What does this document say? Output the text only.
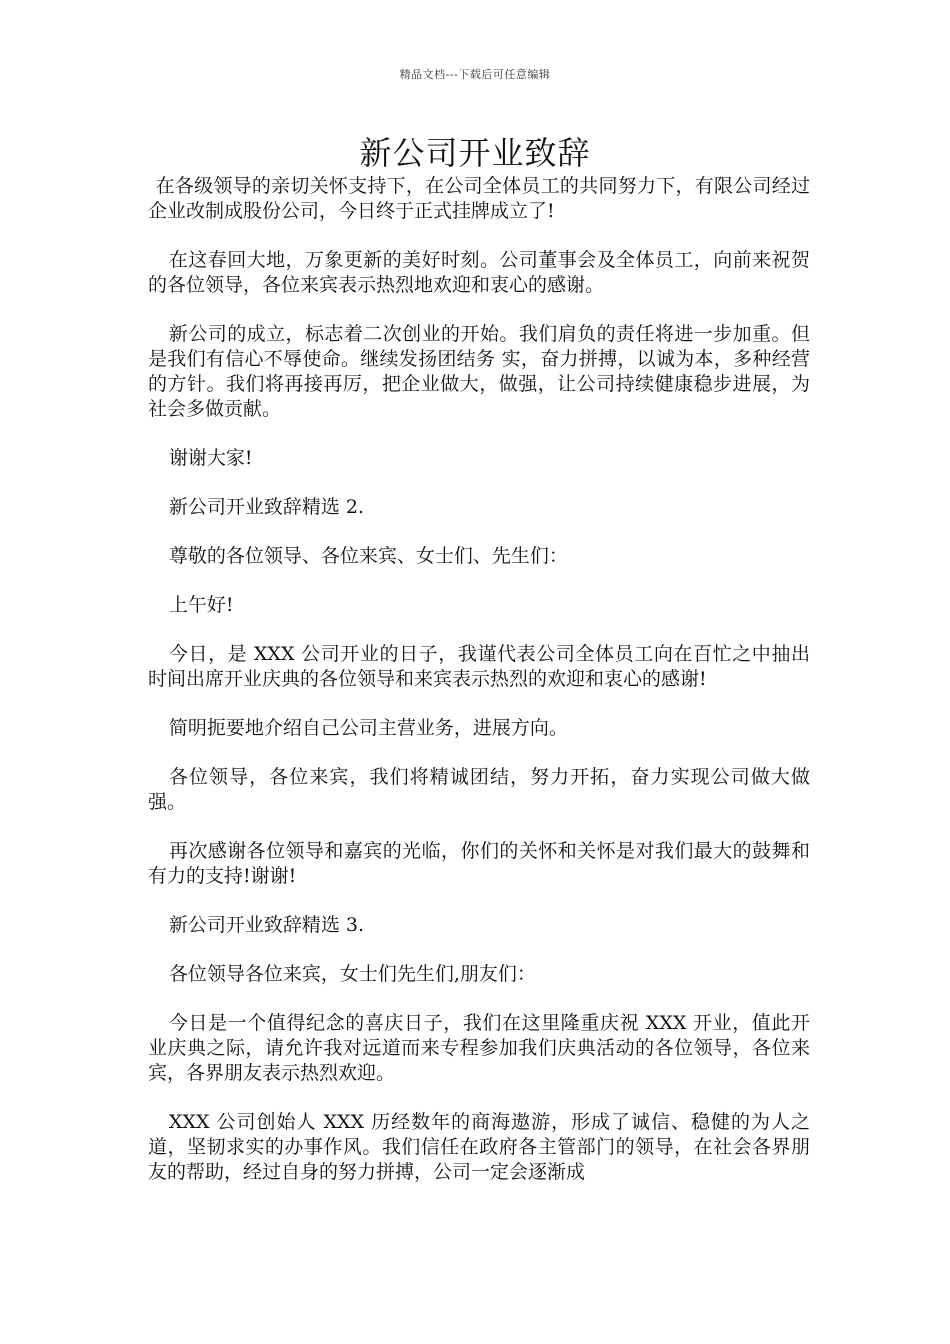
精品文档---下载后可任意编辑
新公司开业致辞

在各级领导的亲切关怀支持下，在公司全体员工的共同努力下，有限公司经过企业改制成股份公司，今日终于正式挂牌成立了!

在这春回大地，万象更新的美好时刻。公司董事会及全体员工，向前来祝贺的各位领导，各位来宾表示热烈地欢迎和衷心的感谢。

新公司的成立，标志着二次创业的开始。我们肩负的责任将进一步加重。但是我们有信心不辱使命。继续发扬团结务 实，奋力拼搏，以诚为本，多种经营的方针。我们将再接再厉，把企业做大，做强，让公司持续健康稳步进展，为社会多做贡献。

谢谢大家!

新公司开业致辞精选 2.

尊敬的各位领导、各位来宾、女士们、先生们：

上午好!

今日，是 XXX 公司开业的日子，我谨代表公司全体员工向在百忙之中抽出时间出席开业庆典的各位领导和来宾表示热烈的欢迎和衷心的感谢!

简明扼要地介绍自己公司主营业务，进展方向。

各位领导，各位来宾，我们将精诚团结，努力开拓，奋力实现公司做大做强。

再次感谢各位领导和嘉宾的光临，你们的关怀和关怀是对我们最大的鼓舞和有力的支持!谢谢!

新公司开业致辞精选 3.

各位领导各位来宾，女士们先生们,朋友们：

今日是一个值得纪念的喜庆日子，我们在这里隆重庆祝 XXX 开业，值此开业庆典之际，请允许我对远道而来专程参加我们庆典活动的各位领导，各位来宾，各界朋友表示热烈欢迎。

XXX 公司创始人 XXX 历经数年的商海遨游，形成了诚信、稳健的为人之道，坚韧求实的办事作风。我们信任在政府各主管部门的领导，在社会各界朋友的帮助，经过自身的努力拼搏，公司一定会逐渐成
